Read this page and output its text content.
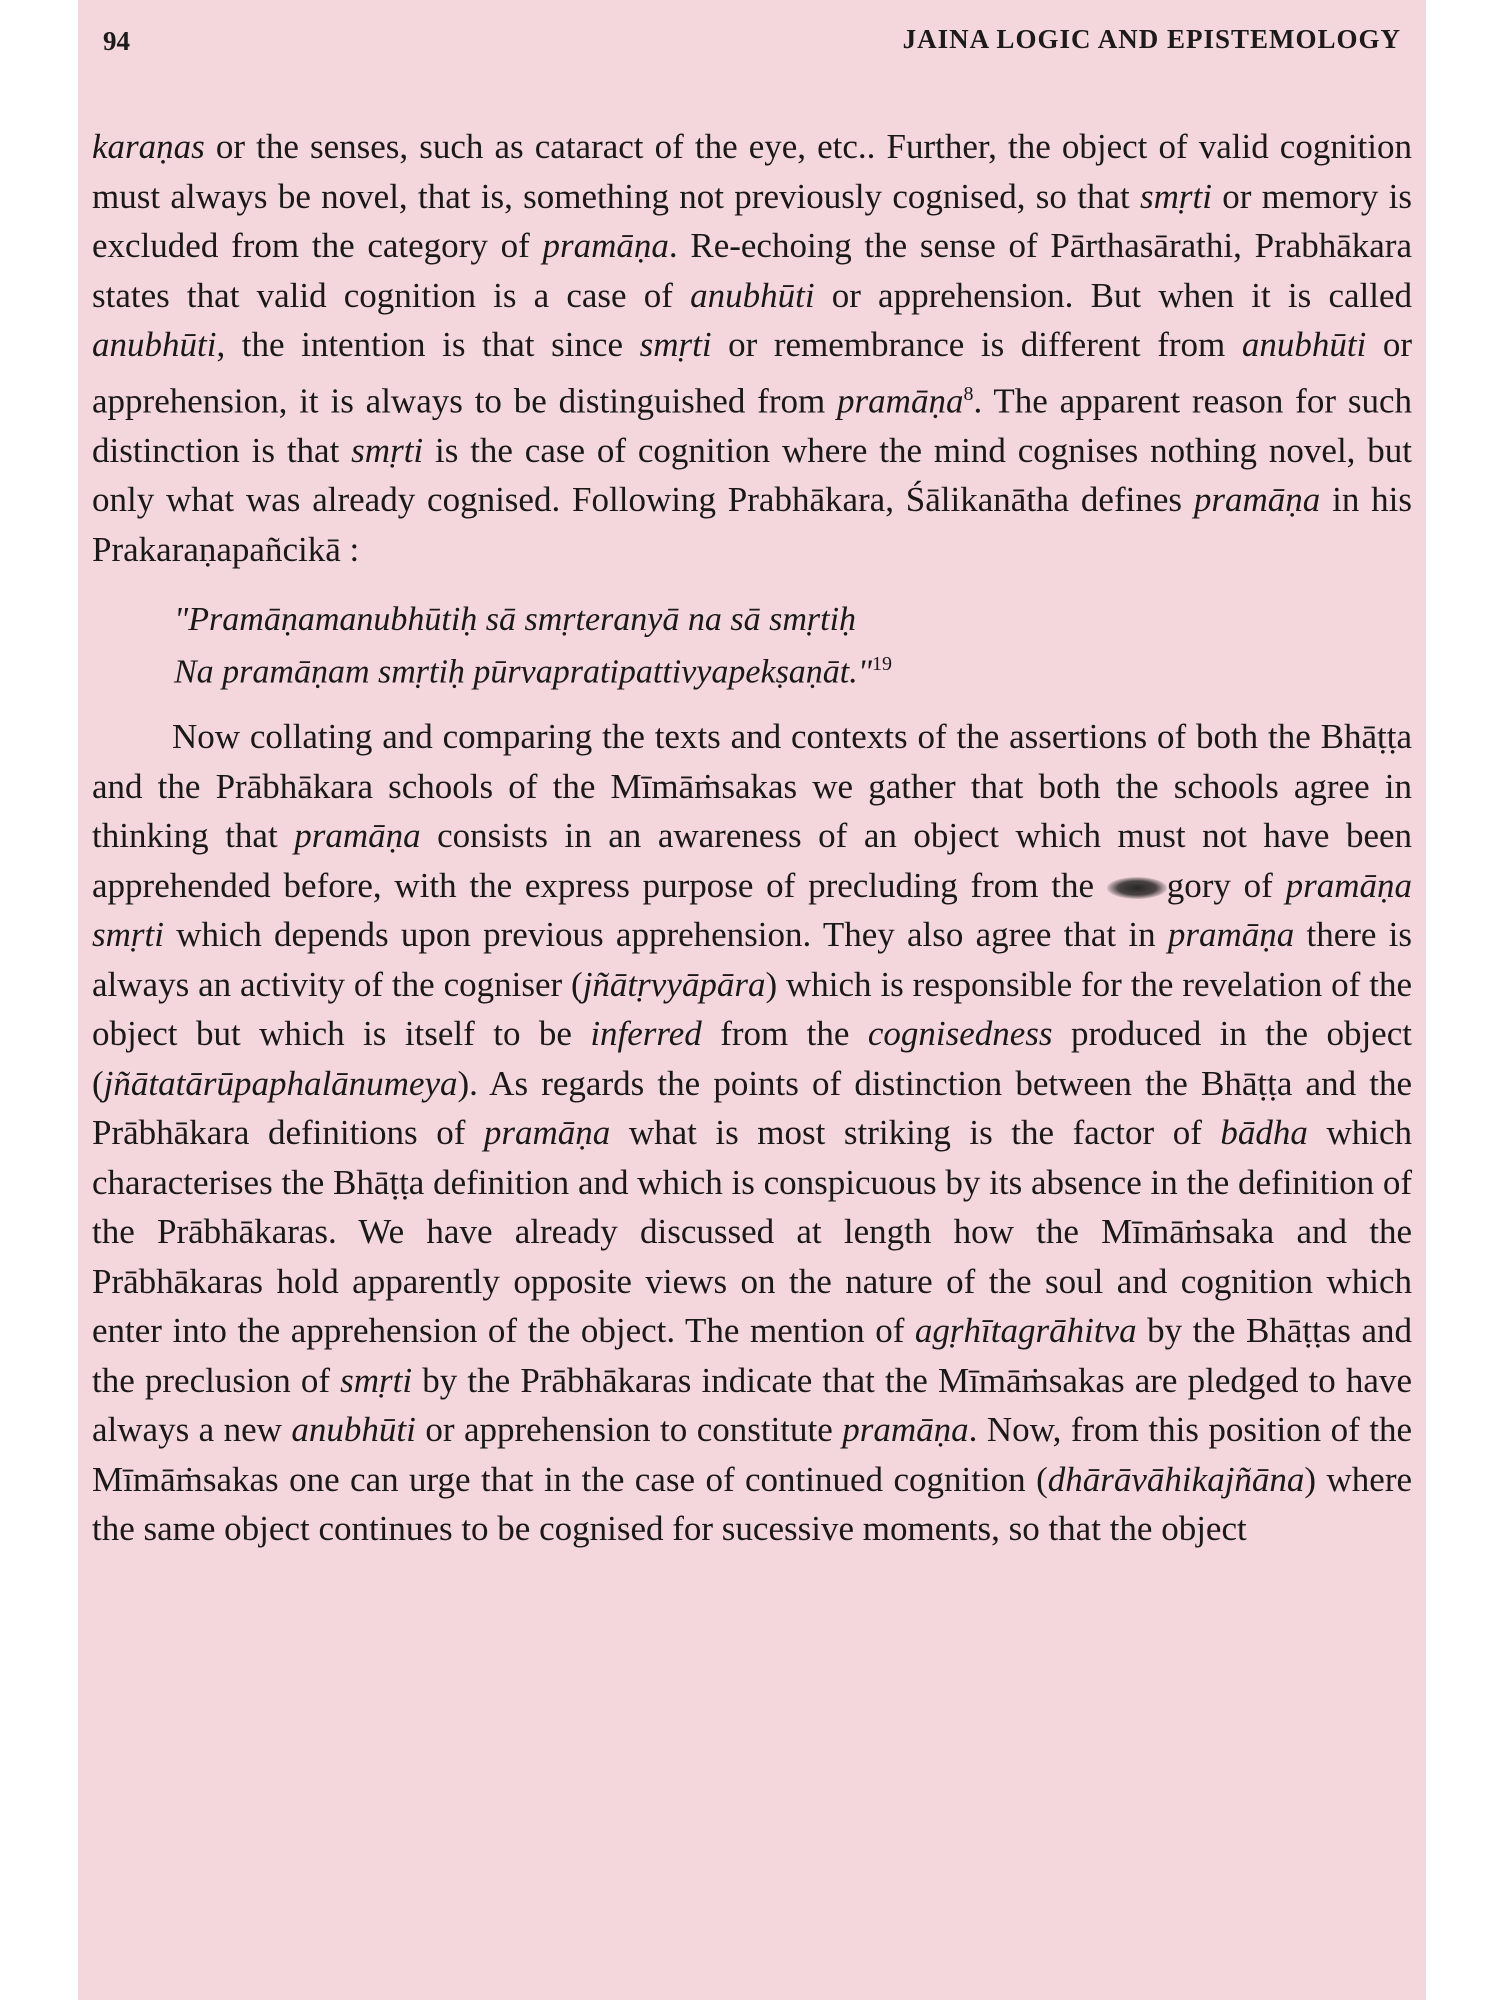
94	JAINA LOGIC AND EPISTEMOLOGY

karaṇas or the senses, such as cataract of the eye, etc.. Further, the object of valid cognition must always be novel, that is, something not previously cognised, so that smṛti or memory is excluded from the category of pramāṇa. Re-echoing the sense of Pārthasārathi, Prabhākara states that valid cognition is a case of anubhūti or apprehension. But when it is called anubhūti, the intention is that since smṛti or remembrance is different from anubhūti or apprehension, it is always to be distinguished from pramāṇa$^8$. The apparent reason for such distinction is that smṛti is the case of cognition where the mind cognises nothing novel, but only what was already cognised. Following Prabhākara, Śālikanātha defines pramāṇa in his Prakaraṇapañcikā :

"Pramāṇamanubhūtiḥ sā smṛteranyā na sā smṛtiḥ
Na pramāṇam smṛtiḥ pūrvapratipattivyapekṣaṇāt."$^{19}$

Now collating and comparing the texts and contexts of the assertions of both the Bhāṭṭa and the Prābhākara schools of the Mīmāṁsakas we gather that both the schools agree in thinking that pramāṇa consists in an awareness of an object which must not have been apprehended before, with the express purpose of precluding from the gory of pramāṇa smṛti which depends upon previous apprehension. They also agree that in pramāṇa there is always an activity of the cogniser (jñātṛvyāpāra) which is responsible for the revelation of the object but which is itself to be inferred from the cognisedness produced in the object (jñātatārūpaphalānumeya). As regards the points of distinction between the Bhāṭṭa and the Prābhākara definitions of pramāṇa what is most striking is the factor of bādha which characterises the Bhāṭṭa definition and which is conspicuous by its absence in the definition of the Prābhākaras. We have already discussed at length how the Mīmāṁsaka and the Prābhākaras hold apparently opposite views on the nature of the soul and cognition which enter into the apprehension of the object. The mention of agṛhītagrāhitva by the Bhāṭṭas and the preclusion of smṛti by the Prābhākaras indicate that the Mīmāṁsakas are pledged to have always a new anubhūti or apprehension to constitute pramāṇa. Now, from this position of the Mīmāṁsakas one can urge that in the case of continued cognition (dhārāvāhikajñāna) where the same object continues to be cognised for sucessive moments, so that the object
